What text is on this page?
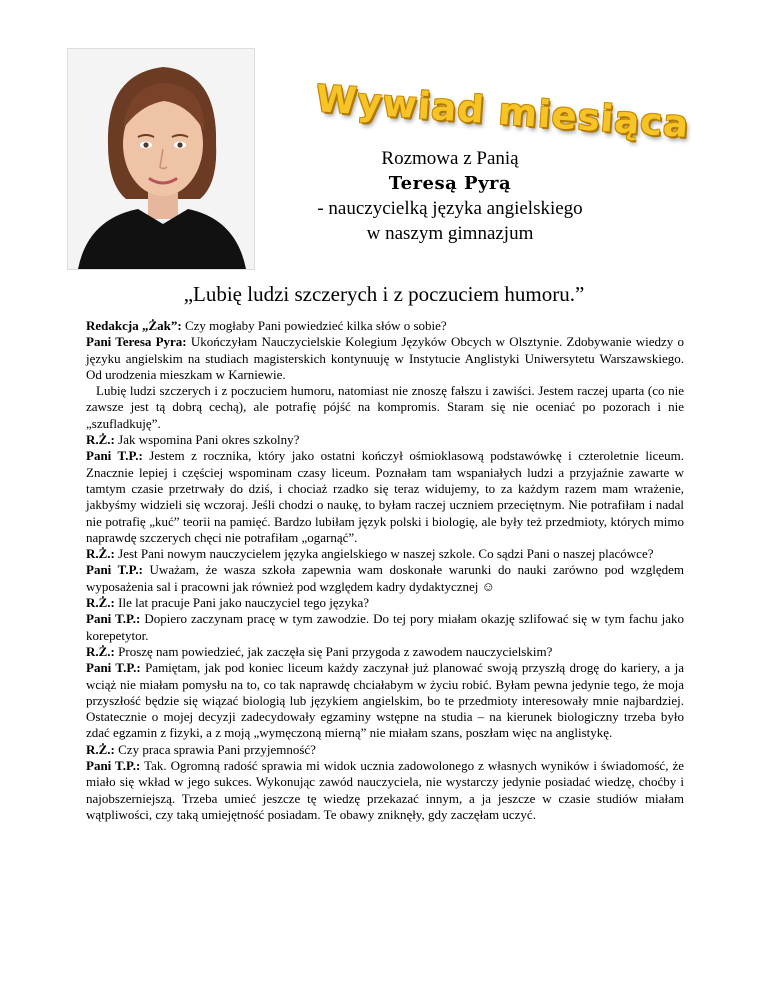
Wywiad miesiąca
Rozmowa z Panią
Teresą Pyrą
- nauczycielką języka angielskiego
w naszym gimnazjum
„Lubię ludzi szczerych i z poczuciem humoru.”

Redakcja „Żak”: Czy mogłaby Pani powiedzieć kilka słów o sobie?

Pani Teresa Pyra: Ukończyłam Nauczycielskie Kolegium Języków Obcych w Olsztynie. Zdobywanie wiedzy o języku angielskim na studiach magisterskich kontynuuję w Instytucie Anglistyki Uniwersytetu Warszawskiego. Od urodzenia mieszkam w Karniewie.

Lubię ludzi szczerych i z poczuciem humoru, natomiast nie znoszę fałszu i zawiści. Jestem raczej uparta (co nie zawsze jest tą dobrą cechą), ale potrafię pójść na kompromis. Staram się nie oceniać po pozorach i nie „szufladkuję”.

R.Ż.: Jak wspomina Pani okres szkolny?

Pani T.P.: Jestem z rocznika, który jako ostatni kończył ośmioklasową podstawówkę i czteroletnie liceum. Znacznie lepiej i częściej wspominam czasy liceum. Poznałam tam wspaniałych ludzi a przyjaźnie zawarte w tamtym czasie przetrwały do dziś, i chociaż rzadko się teraz widujemy, to za każdym razem mam wrażenie, jakbyśmy widzieli się wczoraj. Jeśli chodzi o naukę, to byłam raczej uczniem przeciętnym. Nie potrafiłam i nadal nie potrafię „kuć” teorii na pamięć. Bardzo lubiłam język polski i biologię, ale były też przedmioty, których mimo naprawdę szczerych chęci nie potrafiłam „ogarnąć”.

R.Ż.: Jest Pani nowym nauczycielem języka angielskiego w naszej szkole. Co sądzi Pani o naszej placówce?

Pani T.P.: Uważam, że wasza szkoła zapewnia wam doskonałe warunki do nauki zarówno pod względem wyposażenia sal i pracowni jak również pod względem kadry dydaktycznej ☺

R.Ż.: Ile lat pracuje Pani jako nauczyciel tego języka?

Pani T.P.: Dopiero zaczynam pracę w tym zawodzie. Do tej pory miałam okazję szlifować się w tym fachu jako korepetytor.

R.Ż.: Proszę nam powiedzieć, jak zaczęła się Pani przygoda z zawodem nauczycielskim?

Pani T.P.: Pamiętam, jak pod koniec liceum każdy zaczynał już planować swoją przyszłą drogę do kariery, a ja wciąż nie miałam pomysłu na to, co tak naprawdę chciałabym w życiu robić. Byłam pewna jedynie tego, że moja przyszłość będzie się wiązać biologią lub językiem angielskim, bo te przedmioty interesowały mnie najbardziej. Ostatecznie o mojej decyzji zadecydowały egzaminy wstępne na studia – na kierunek biologiczny trzeba było zdać egzamin z fizyki, a z moją „wymęczoną mierną” nie miałam szans, poszłam więc na anglistykę.

R.Ż.: Czy praca sprawia Pani przyjemność?

Pani T.P.: Tak. Ogromną radość sprawia mi widok ucznia zadowolonego z własnych wyników i świadomość, że miało się wkład w jego sukces. Wykonując zawód nauczyciela, nie wystarczy jedynie posiadać wiedzę, choćby i najobszerniejszą. Trzeba umieć jeszcze tę wiedzę przekazać innym, a ja jeszcze w czasie studiów miałam wątpliwości, czy taką umiejętność posiadam. Te obawy zniknęły, gdy zaczęłam uczyć.
